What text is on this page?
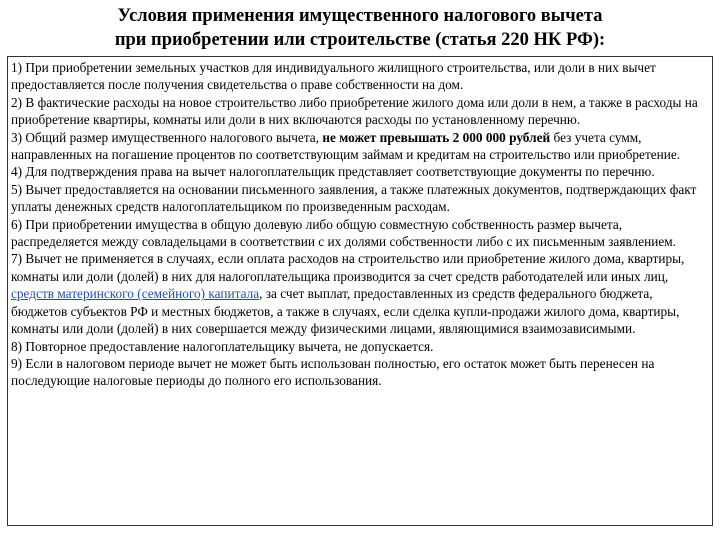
Условия применения имущественного налогового вычета
при приобретении или строительстве (статья 220 НК РФ):

1) При приобретении земельных участков для индивидуального жилищного строительства, или доли в них вычет предоставляется после получения свидетельства о праве собственности на дом.

2) В фактические расходы на новое строительство либо приобретение жилого дома или доли в нем, а также в расходы на приобретение квартиры, комнаты или доли в них включаются расходы по установленному перечню.

3) Общий размер имущественного налогового вычета, не может превышать 2 000 000 рублей без учета сумм, направленных на погашение процентов по соответствующим займам и кредитам на строительство или приобретение.

4) Для подтверждения права на вычет налогоплательщик представляет соответствующие документы по перечню.

5) Вычет предоставляется на основании письменного заявления, а также платежных документов, подтверждающих факт уплаты денежных средств налогоплательщиком по произведенным расходам.

6) При приобретении имущества в общую долевую либо общую совместную собственность размер вычета, распределяется между совладельцами в соответствии с их долями собственности либо с их письменным заявлением.

7) Вычет не применяется в случаях, если оплата расходов на строительство или приобретение жилого дома, квартиры, комнаты или доли (долей) в них для налогоплательщика производится за счет средств работодателей или иных лиц, средств материнского (семейного) капитала, за счет выплат, предоставленных из средств федерального бюджета, бюджетов субъектов РФ и местных бюджетов, а также в случаях, если сделка купли-продажи жилого дома, квартиры, комнаты или доли (долей) в них совершается между физическими лицами, являющимися взаимозависимыми.

8) Повторное предоставление налогоплательщику вычета, не допускается.

9) Если в налоговом периоде вычет не может быть использован полностью, его остаток может быть перенесен на последующие налоговые периоды до полного его использования.
